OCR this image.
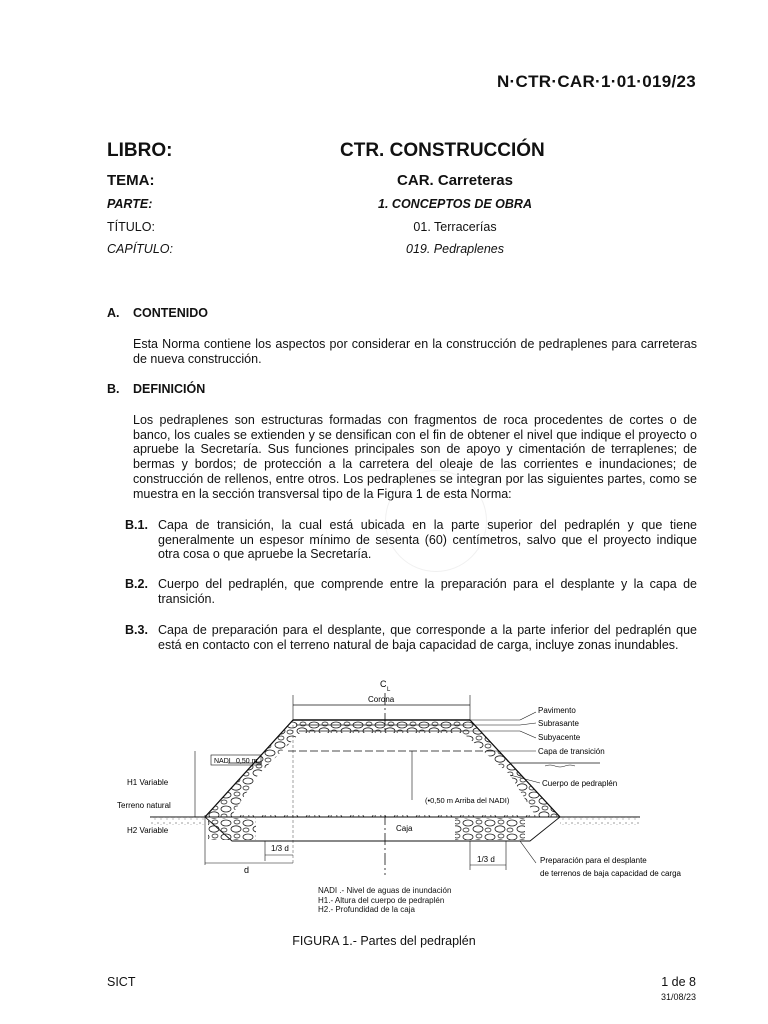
N·CTR·CAR·1·01·019/23
LIBRO:	CTR. CONSTRUCCIÓN
TEMA:	CAR. Carreteras
PARTE:	1. CONCEPTOS DE OBRA
TÍTULO:	01. Terracerías
CAPÍTULO:	019. Pedraplenes
A. CONTENIDO
Esta Norma contiene los aspectos por considerar en la construcción de pedraplenes para carreteras de nueva construcción.
B. DEFINICIÓN
Los pedraplenes son estructuras formadas con fragmentos de roca procedentes de cortes o de banco, los cuales se extienden y se densifican con el fin de obtener el nivel que indique el proyecto o apruebe la Secretaría. Sus funciones principales son de apoyo y cimentación de terraplenes; de bermas y bordos; de protección a la carretera del oleaje de las corrientes e inundaciones; de construcción de rellenos, entre otros. Los pedraplenes se integran por las siguientes partes, como se muestra en la sección transversal tipo de la Figura 1 de esta Norma:
B.1. Capa de transición, la cual está ubicada en la parte superior del pedraplén y que tiene generalmente un espesor mínimo de sesenta (60) centímetros, salvo que el proyecto indique otra cosa o que apruebe la Secretaría.
B.2. Cuerpo del pedraplén, que comprende entre la preparación para el desplante y la capa de transición.
B.3. Capa de preparación para el desplante, que corresponde a la parte inferior del pedraplén que está en contacto con el terreno natural de baja capacidad de carga, incluye zonas inundables.
C
L
Corona
Pavimento
Subrasante
Subyacente
Capa de transición
Cuerpo de pedraplén
NADI 0,50 m
H1 Variable
Terreno natural
H2 Variable	Caja
(•0,50 m Arriba del NADI)
1/3 d
d
1/3 d	Preparación para el desplante
de terrenos de baja capacidad de carga
NADI .- Nivel de aguas de inundación
H1.- Altura del cuerpo de pedraplén
H2.- Profundidad de la caja
FIGURA 1.- Partes del pedraplén
SICT	1 de 8
31/08/23
